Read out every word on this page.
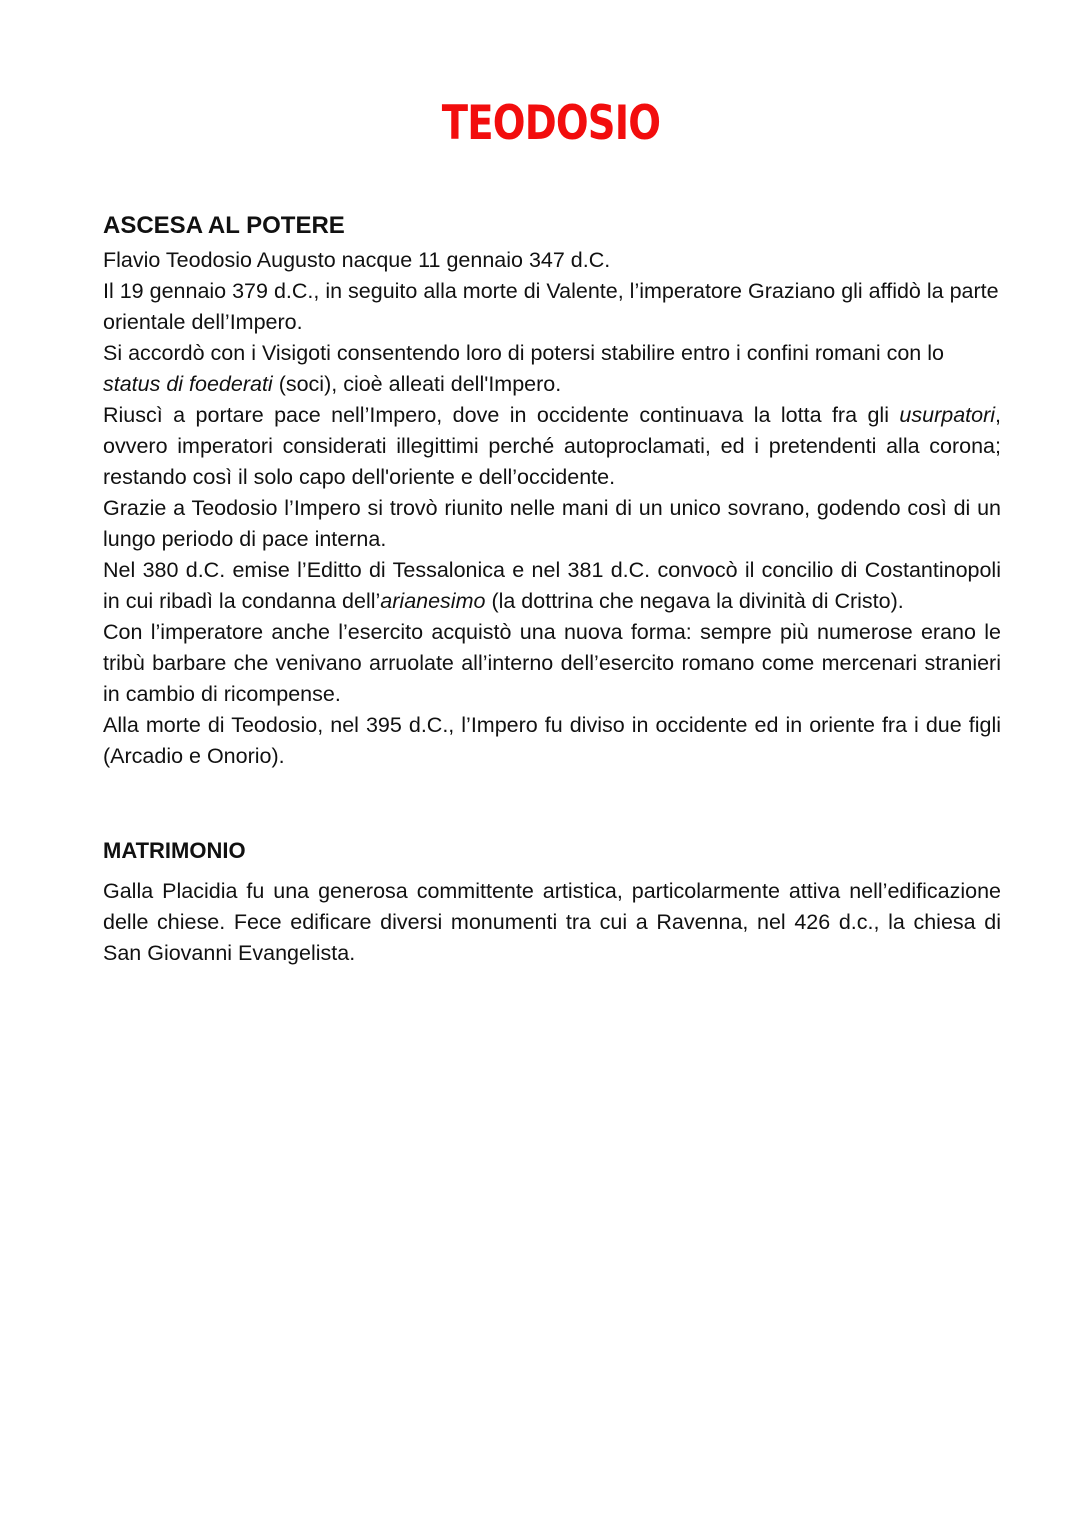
TEODOSIO
ASCESA AL POTERE

Flavio Teodosio Augusto nacque 11 gennaio 347 d.C.

Il 19 gennaio 379 d.C., in seguito alla morte di Valente, l’imperatore Graziano gli affidò la parte orientale dell’Impero.

Si accordò con i Visigoti consentendo loro di potersi stabilire entro i confini romani con lo status di foederati (soci), cioè alleati dell'Impero.

Riuscì a portare pace nell’Impero, dove in occidente continuava la lotta fra gli usurpatori, ovvero imperatori considerati illegittimi perché autoproclamati, ed i pretendenti alla corona; restando così il solo capo dell'oriente e dell’occidente.

Grazie a Teodosio l’Impero si trovò riunito nelle mani di un unico sovrano, godendo così di un lungo periodo di pace interna.

Nel 380 d.C. emise l’Editto di Tessalonica e nel 381 d.C. convocò il concilio di Costantinopoli in cui ribadì la condanna dell’arianesimo (la dottrina che negava la divinità di Cristo).

Con l’imperatore anche l’esercito acquistò una nuova forma: sempre più numerose erano le tribù barbare che venivano arruolate all’interno dell’esercito romano come mercenari stranieri in cambio di ricompense.

Alla morte di Teodosio, nel 395 d.C., l’Impero fu diviso in occidente ed in oriente fra i due figli (Arcadio e Onorio).

MATRIMONIO

Galla Placidia fu una generosa committente artistica, particolarmente attiva nell’edificazione delle chiese. Fece edificare diversi monumenti tra cui a Ravenna, nel 426 d.c., la chiesa di San Giovanni Evangelista.
